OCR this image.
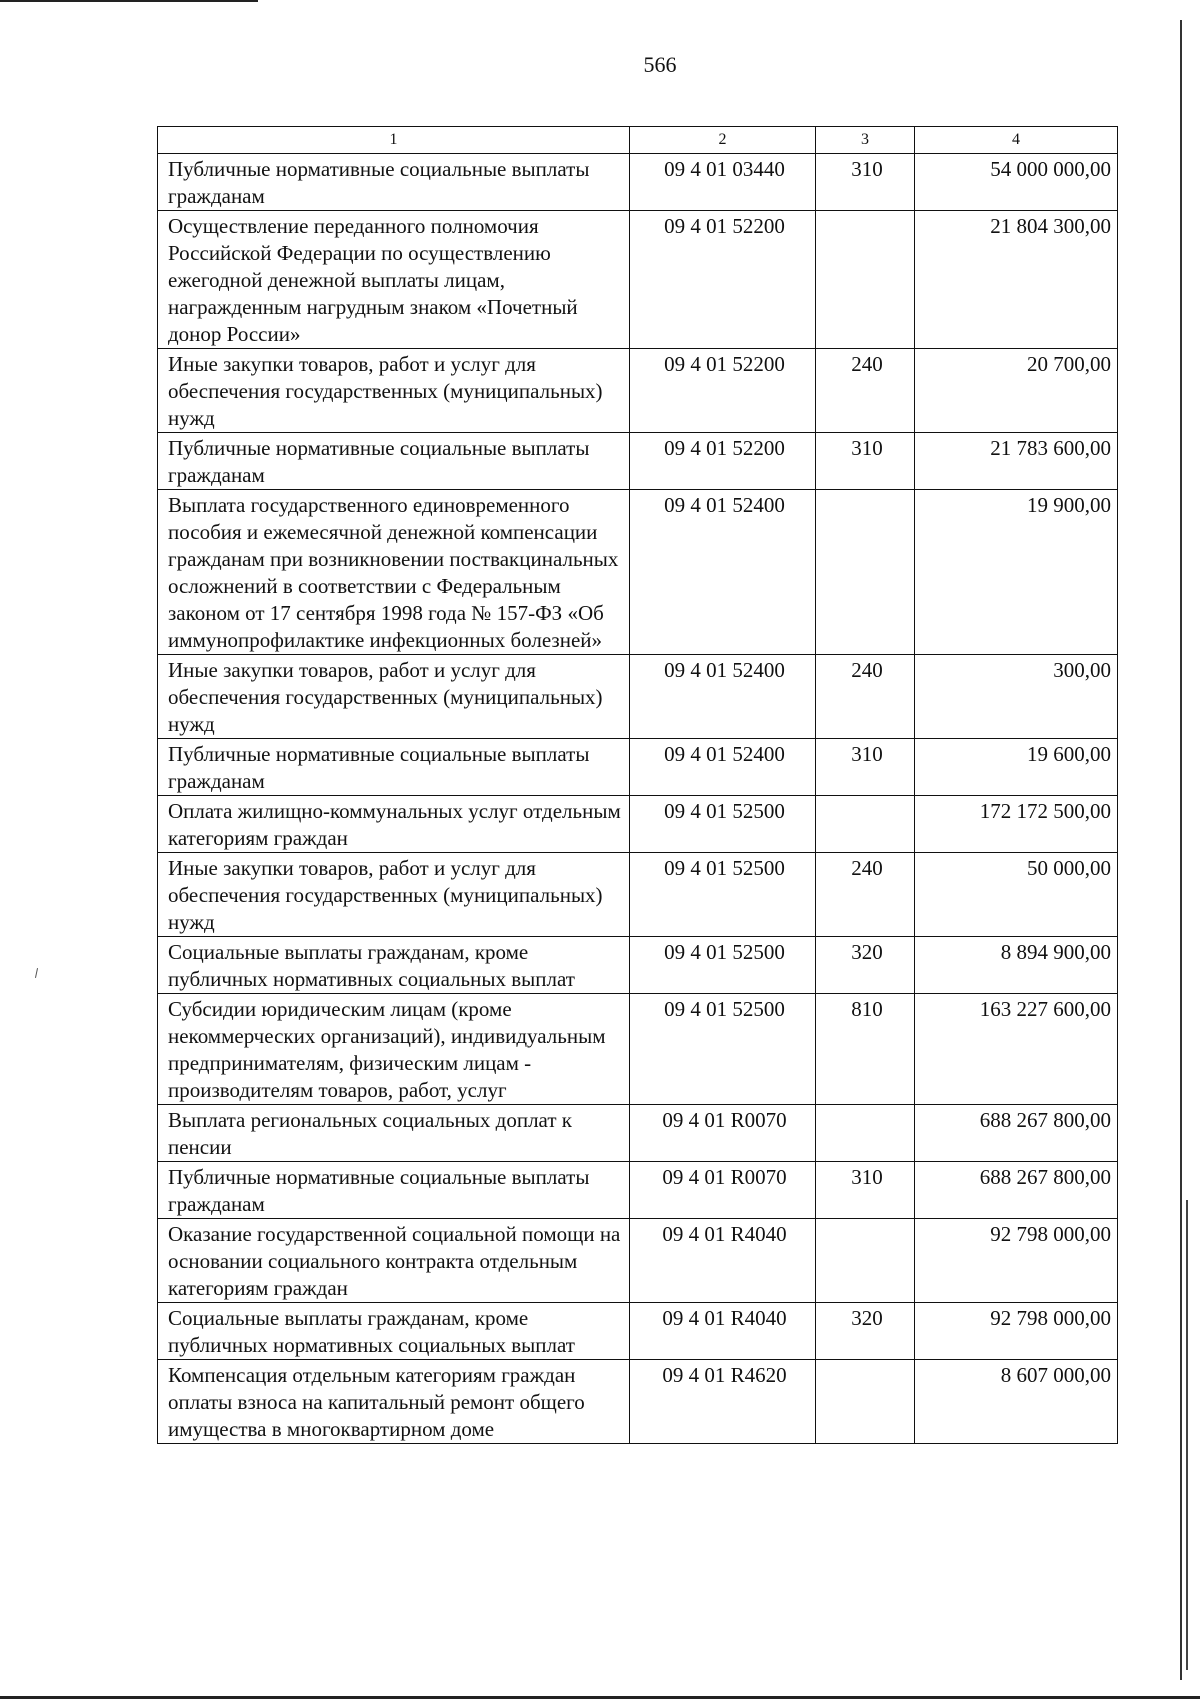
566
1	2	3	4
Публичные нормативные социальные выплаты гражданам	09 4 01 03440	310	54 000 000,00
Осуществление переданного полномочия Российской Федерации по осуществлению ежегодной денежной выплаты лицам, награжденным нагрудным знаком «Почетный донор России»	09 4 01 52200		21 804 300,00
Иные закупки товаров, работ и услуг для обеспечения государственных (муниципальных) нужд	09 4 01 52200	240	20 700,00
Публичные нормативные социальные выплаты гражданам	09 4 01 52200	310	21 783 600,00
Выплата государственного единовременного пособия и ежемесячной денежной компенсации гражданам при возникновении поствакцинальных осложнений в соответствии с Федеральным законом от 17 сентября 1998 года № 157-ФЗ «Об иммунопрофилактике инфекционных болезней»	09 4 01 52400		19 900,00
Иные закупки товаров, работ и услуг для обеспечения государственных (муниципальных) нужд	09 4 01 52400	240	300,00
Публичные нормативные социальные выплаты гражданам	09 4 01 52400	310	19 600,00
Оплата жилищно-коммунальных услуг отдельным категориям граждан	09 4 01 52500		172 172 500,00
Иные закупки товаров, работ и услуг для обеспечения государственных (муниципальных) нужд	09 4 01 52500	240	50 000,00
Социальные выплаты гражданам, кроме публичных нормативных социальных выплат	09 4 01 52500	320	8 894 900,00
Субсидии юридическим лицам (кроме некоммерческих организаций), индивидуальным предпринимателям, физическим лицам - производителям товаров, работ, услуг	09 4 01 52500	810	163 227 600,00
Выплата региональных социальных доплат к пенсии	09 4 01 R0070		688 267 800,00
Публичные нормативные социальные выплаты гражданам	09 4 01 R0070	310	688 267 800,00
Оказание государственной социальной помощи на основании социального контракта отдельным категориям граждан	09 4 01 R4040		92 798 000,00
Социальные выплаты гражданам, кроме публичных нормативных социальных выплат	09 4 01 R4040	320	92 798 000,00
Компенсация отдельным категориям граждан оплаты взноса на капитальный ремонт общего имущества в многоквартирном доме	09 4 01 R4620		8 607 000,00
